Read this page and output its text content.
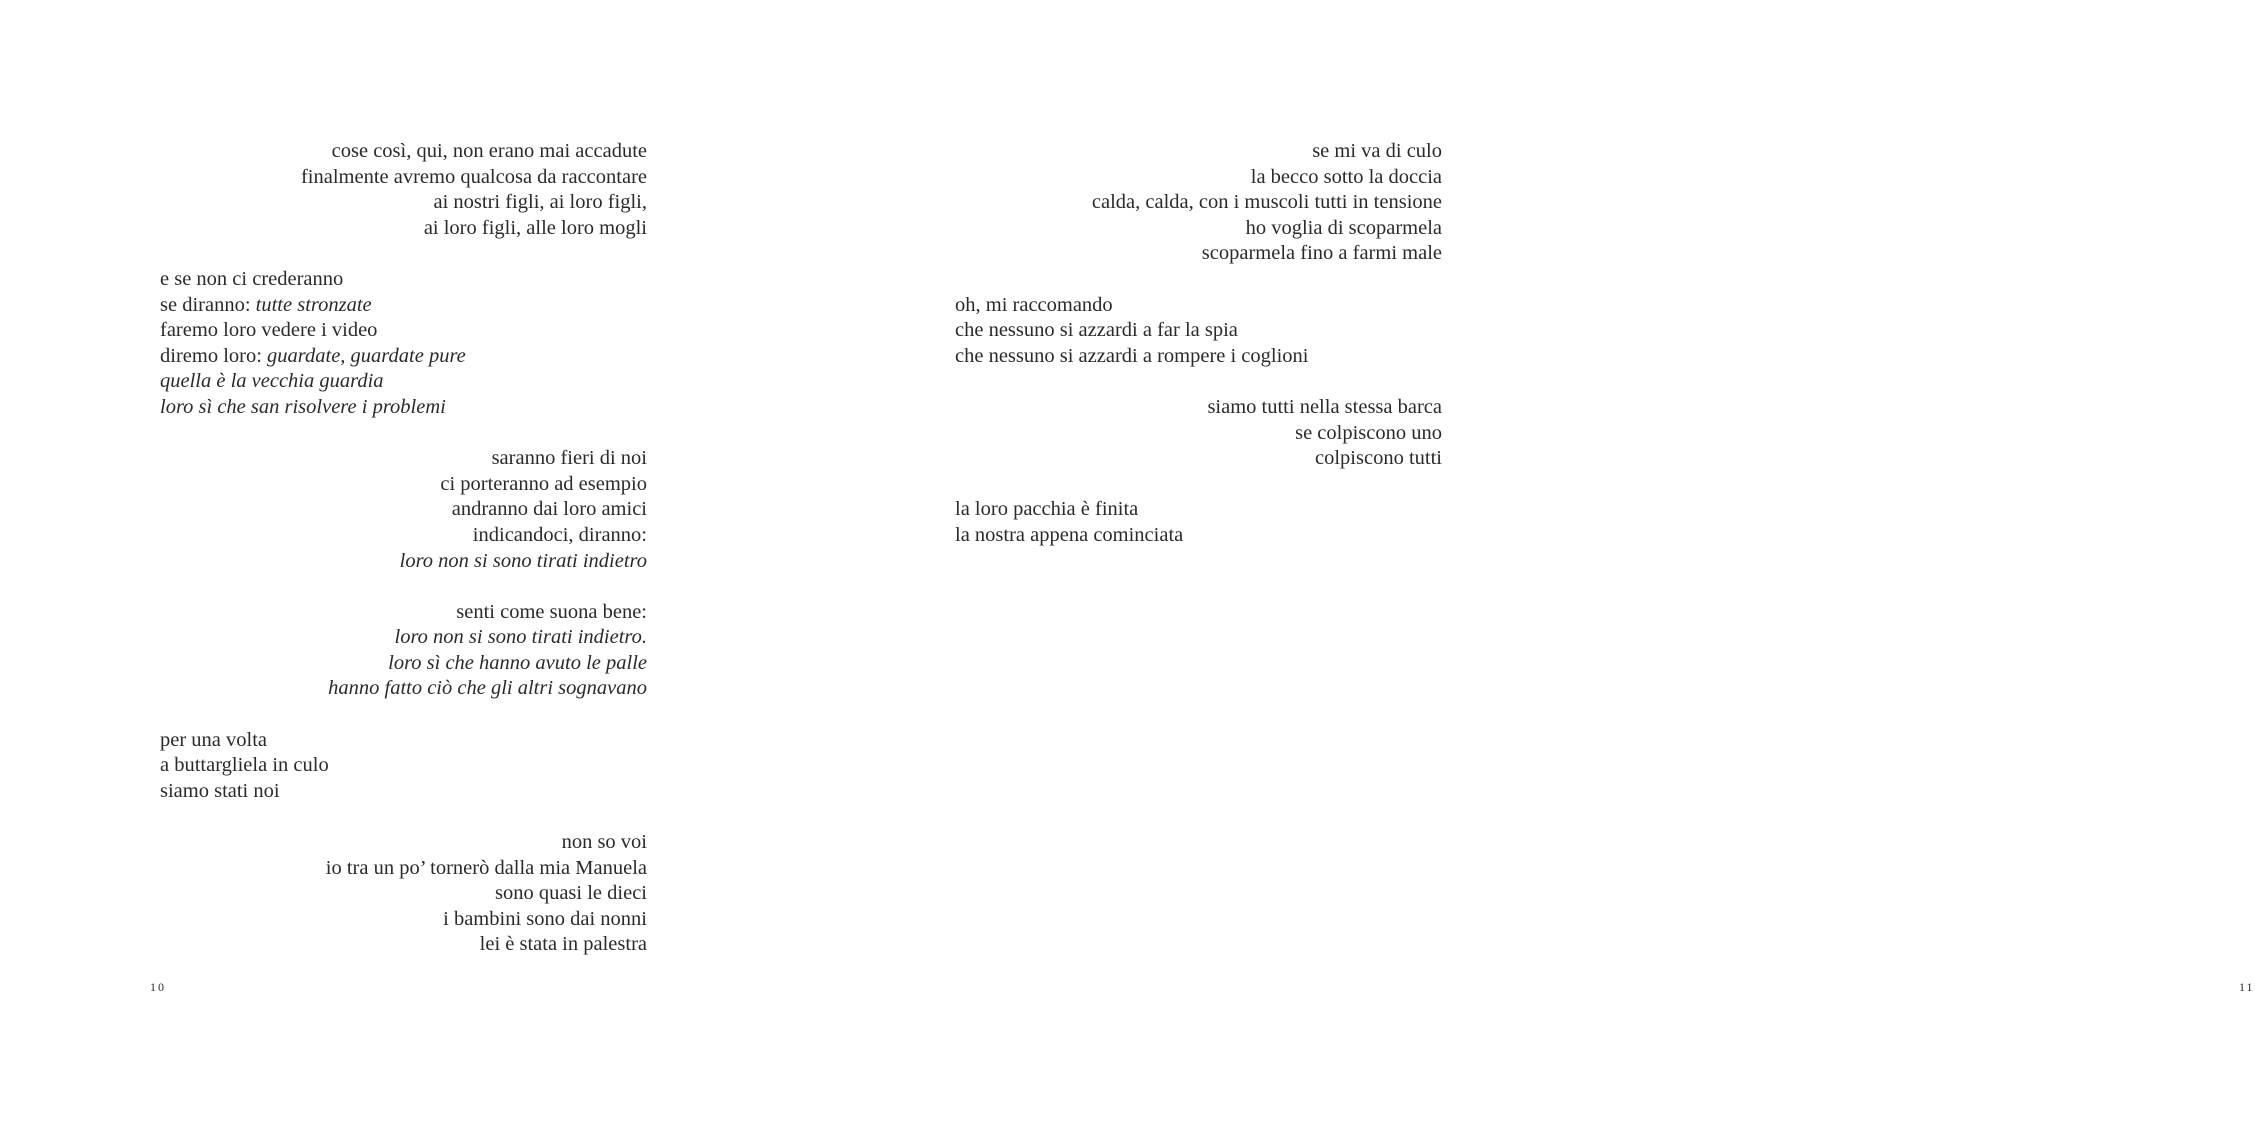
cose così, qui, non erano mai accadute
finalmente avremo qualcosa da raccontare
ai nostri figli, ai loro figli,
ai loro figli, alle loro mogli
e se non ci crederanno
se diranno: tutte stronzate
faremo loro vedere i video
diremo loro: guardate, guardate pure
quella è la vecchia guardia
loro sì che san risolvere i problemi
saranno fieri di noi
ci porteranno ad esempio
andranno dai loro amici
indicandoci, diranno:
loro non si sono tirati indietro
senti come suona bene:
loro non si sono tirati indietro.
loro sì che hanno avuto le palle
hanno fatto ciò che gli altri sognavano
per una volta
a buttargliela in culo
siamo stati noi
non so voi
io tra un po’ tornerò dalla mia Manuela
sono quasi le dieci
i bambini sono dai nonni
lei è stata in palestra
10
se mi va di culo
la becco sotto la doccia
calda, calda, con i muscoli tutti in tensione
ho voglia di scoparmela
scoparmela fino a farmi male
oh, mi raccomando
che nessuno si azzardi a far la spia
che nessuno si azzardi a rompere i coglioni
siamo tutti nella stessa barca
se colpiscono uno
colpiscono tutti
la loro pacchia è finita
la nostra appena cominciata
11
